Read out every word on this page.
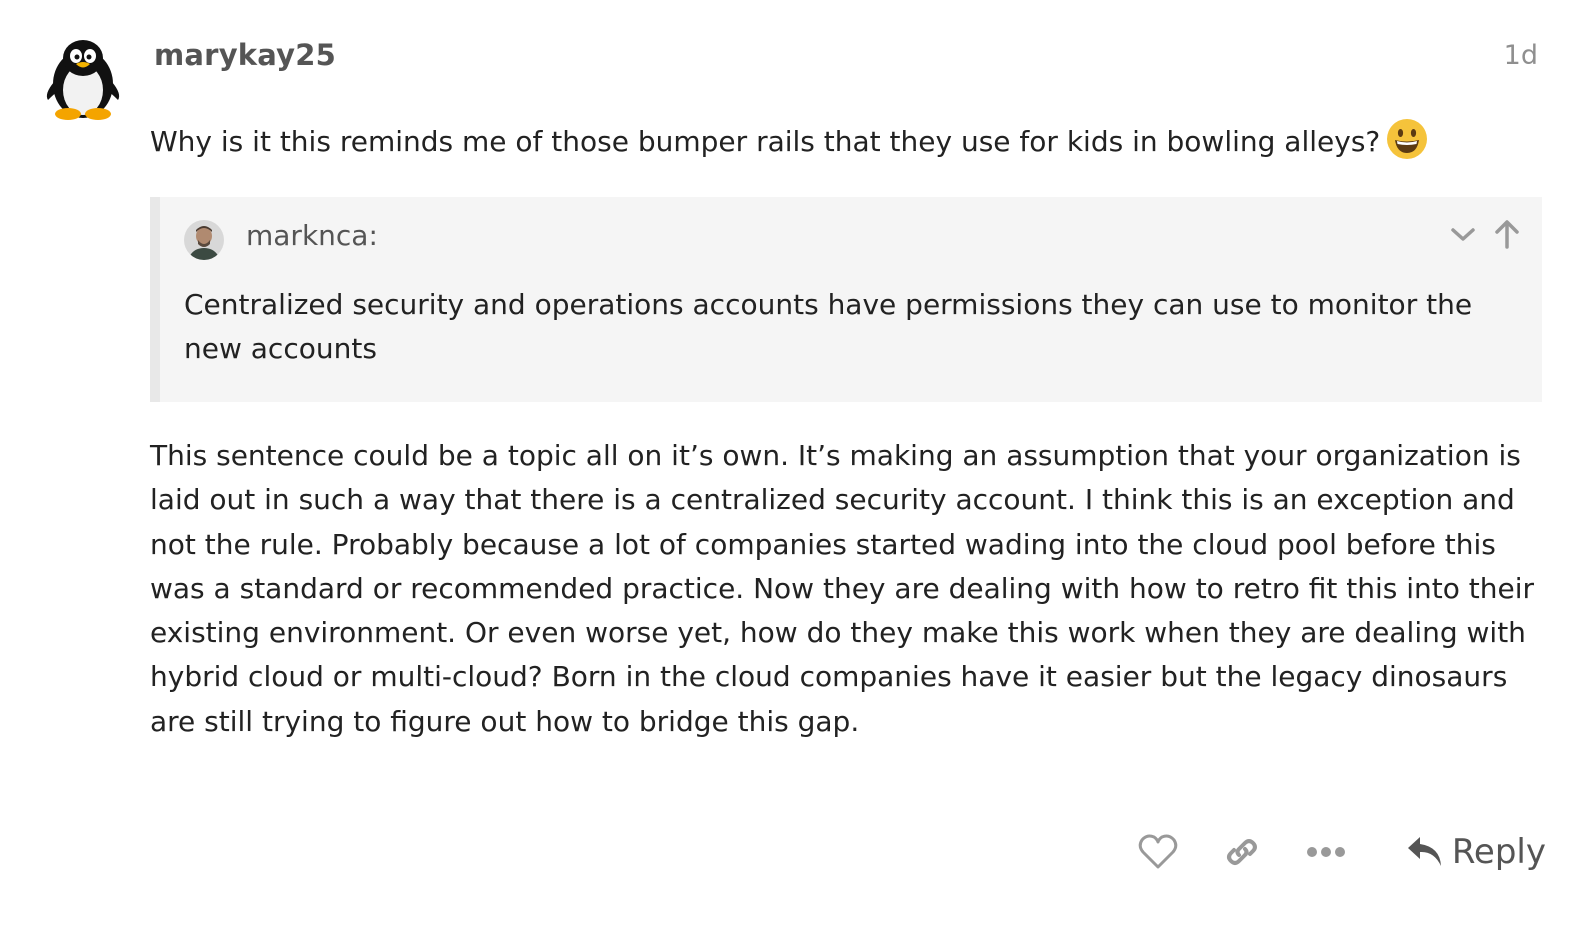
marykay25	1d

Why is it this reminds me of those bumper rails that they use for kids in bowling alleys?

marknca:

Centralized security and operations accounts have permissions they can use to monitor the new accounts

This sentence could be a topic all on it’s own. It’s making an assumption that your organization is laid out in such a way that there is a centralized security account. I think this is an exception and not the rule. Probably because a lot of companies started wading into the cloud pool before this was a standard or recommended practice. Now they are dealing with how to retro fit this into their existing environment. Or even worse yet, how do they make this work when they are dealing with hybrid cloud or multi-cloud? Born in the cloud companies have it easier but the legacy dinosaurs are still trying to figure out how to bridge this gap.

Reply
